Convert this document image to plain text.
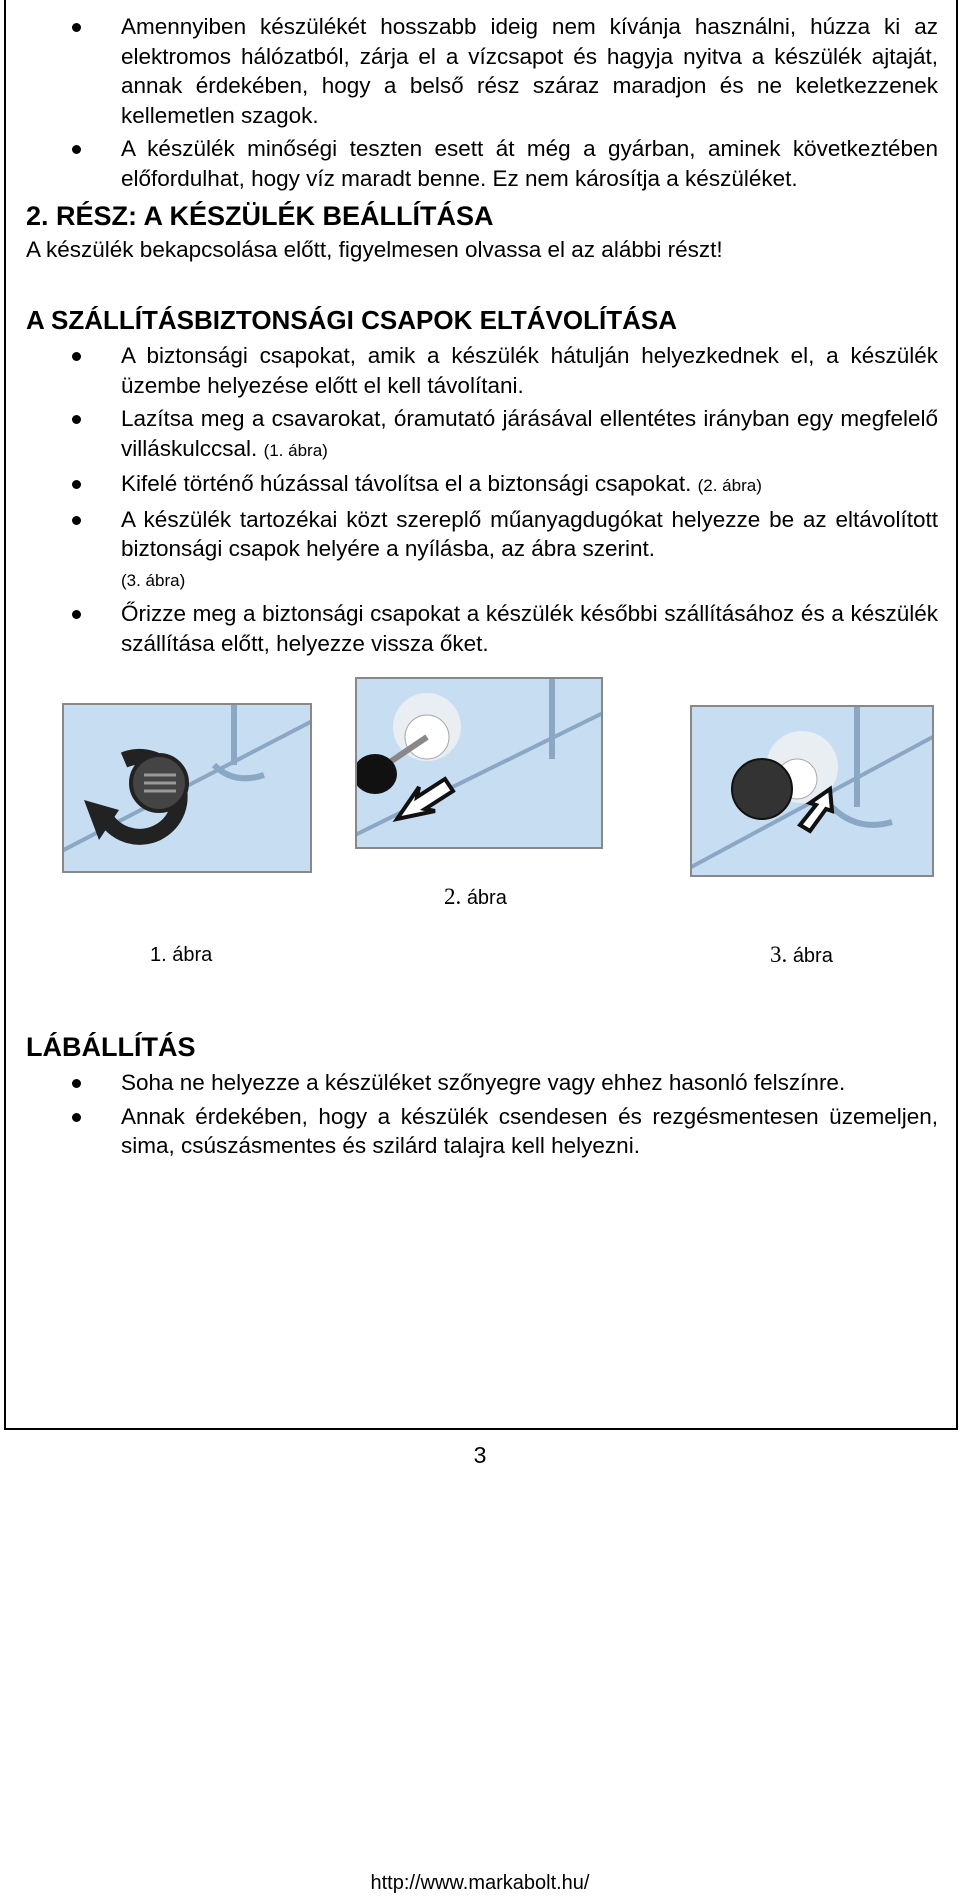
Amennyiben készülékét hosszabb ideig nem kívánja használni, húzza ki az elektromos hálózatból, zárja el a vízcsapot és hagyja nyitva a készülék ajtaját, annak érdekében, hogy a belső rész száraz maradjon és ne keletkezzenek kellemetlen szagok.
A készülék minőségi teszten esett át még a gyárban, aminek következtében előfordulhat, hogy víz maradt benne. Ez nem károsítja a készüléket.
2. RÉSZ: A KÉSZÜLÉK BEÁLLÍTÁSA

A készülék bekapcsolása előtt, figyelmesen olvassa el az alábbi részt!

A SZÁLLÍTÁSBIZTONSÁGI CSAPOK ELTÁVOLÍTÁSA
A biztonsági csapokat, amik a készülék hátulján helyezkednek el, a készülék üzembe helyezése előtt el kell távolítani.
Lazítsa meg a csavarokat, óramutató járásával ellentétes irányban egy megfelelő villáskulccsal. (1. ábra)
Kifelé történő húzással távolítsa el a biztonsági csapokat. (2. ábra)
A készülék tartozékai közt szereplő műanyagdugókat helyezze be az eltávolított biztonsági csapok helyére a nyílásba, az ábra szerint.
(3. ábra)
Őrizze meg a biztonsági csapokat a készülék későbbi szállításához és a készülék szállítása előtt, helyezze vissza őket.
2. ábra
1. ábra	3. ábra
LÁBÁLLÍTÁS
Soha ne helyezze a készüléket szőnyegre vagy ehhez hasonló felszínre.
Annak érdekében, hogy a készülék csendesen és rezgésmentesen üzemeljen, sima, csúszásmentes és szilárd talajra kell helyezni.
3
http://www.markabolt.hu/
